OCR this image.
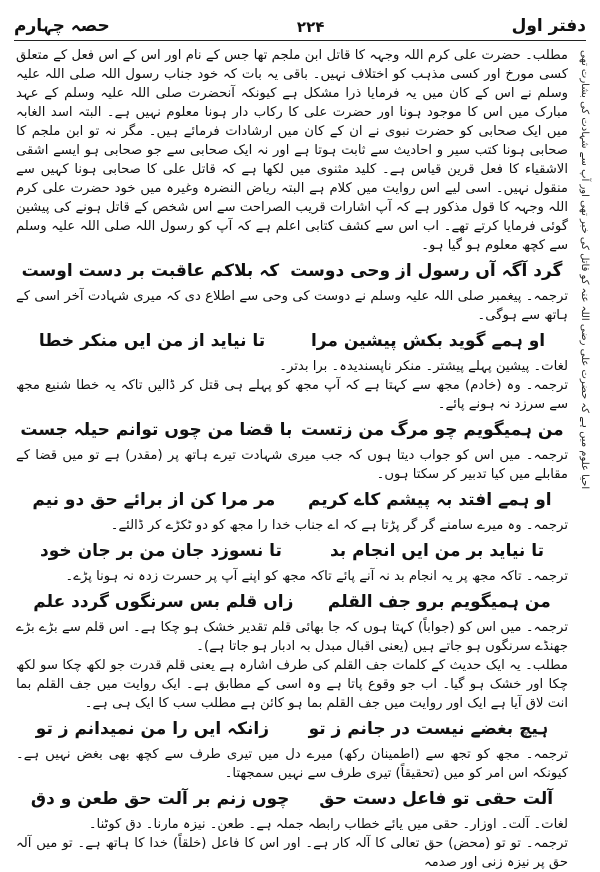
دفتر اول
۲۲۴
حصہ چہارم
احیا علوم میں ہے کہ حضرت علی رضی اللہ عنہ کو قاتل کی خبر تھی اور آپ سے شہادت کی بشارت تھی
مطلب۔ حضرت علی کرم اللہ وجہہ کا قاتل ابن ملجم تھا جس کے نام اور اس کے اس فعل کے متعلق کسی مورخ اور کسی مذہب کو اختلاف نہیں۔ باقی یہ بات کہ خود جناب رسول اللہ صلی اللہ علیہ وسلم نے اس کے کان میں یہ فرمایا ذرا مشکل ہے کیونکہ آنحضرت صلی اللہ علیہ وسلم کے عہد مبارک میں اس کا موجود ہونا اور حضرت علی کا رکاب دار ہونا معلوم نہیں ہے۔ البتہ اسد الغابہ میں ایک صحابی کو حضرت نبوی نے ان کے کان میں ارشادات فرمائے ہیں۔ مگر نہ تو ابن ملجم کا صحابی ہونا کتب سیر و احادیث سے ثابت ہوتا ہے اور نہ ایک صحابی سے جو صحابی ہو ایسے اشقی الاشقیاء کا فعل قرین قیاس ہے۔ کلید مثنوی میں لکھا ہے کہ قاتل علی کا صحابی ہونا کہیں سے منقول نہیں۔ اسی لیے اس روایت میں کلام ہے البتہ ریاض النضرہ وغیرہ میں خود حضرت علی کرم اللہ وجہہ کا قول مذکور ہے کہ آپ اشارات قریب الصراحت سے اس شخص کے قاتل ہونے کی پیشین گوئی فرمایا کرتے تھے۔ اب اس سے کشف کتابی اعلم ہے کہ آپ کو رسول اللہ صلی اللہ علیہ وسلم سے کچھ معلوم ہو گیا ہو۔
گرد آگہ آں رسول از وحی دوست
کہ بلاکم عاقبت بر دست اوست
ترجمہ۔ پیغمبر صلی اللہ علیہ وسلم نے دوست کی وحی سے اطلاع دی کہ میری شہادت آخر اسی کے ہاتھ سے ہوگی۔
او ہمے گوید بکش پیشین مرا
تا نیاید از من ایں منکر خطا
لغات۔ پیشین پہلے پیشتر۔ منکر ناپسندیدہ۔ برا بدتر۔
ترجمہ۔ وہ (خادم) مجھ سے کہتا ہے کہ آپ مجھ کو پہلے ہی قتل کر ڈالیں تاکہ یہ خطا شنیع مجھ سے سرزد نہ ہونے پائے۔
من ہمیگویم چو مرگ من زتست
با قضا من چوں توانم حیلہ جست
ترجمہ۔ میں اس کو جواب دیتا ہوں کہ جب میری شہادت تیرے ہاتھ پر (مقدر) ہے تو میں قضا کے مقابلے میں کیا تدبیر کر سکتا ہوں۔
او ہمے افتد بہ پیشم کاے کریم
مر مرا کن از برائے حق دو نیم
ترجمہ۔ وہ میرے سامنے گر گر پڑتا ہے کہ اے جناب خدا را مجھ کو دو ٹکڑے کر ڈالئے۔
تا نیاید بر من ایں انجام بد
تا نسوزد جان من بر جان خود
ترجمہ۔ تاکہ مجھ پر یہ انجام بد نہ آنے پائے تاکہ مجھ کو اپنے آپ پر حسرت زدہ نہ ہونا پڑے۔
من ہمیگویم برو جف القلم
زاں قلم بس سرنگوں گردد علم
ترجمہ۔ میں اس کو (جواباً) کہتا ہوں کہ جا بھائی قلم تقدیر خشک ہو چکا ہے۔ اس قلم سے بڑے بڑے جھنڈے سرنگوں ہو جاتے ہیں (یعنی اقبال مبدل بہ ادبار ہو جاتا ہے)۔
مطلب۔ یہ ایک حدیث کے کلمات جف القلم کی طرف اشارہ ہے یعنی قلم قدرت جو لکھ چکا سو لکھ چکا اور خشک ہو گیا۔ اب جو وقوع پاتا ہے وہ اسی کے مطابق ہے۔ ایک روایت میں جف القلم بما انت لاق آیا ہے ایک اور روایت میں جف القلم بما ہو کائن ہے مطلب سب کا ایک ہی ہے۔
ہیچ بغضے نیست در جانم ز تو
زانکہ ایں را من نمیدانم ز تو
ترجمہ۔ مجھ کو تجھ سے (اطمینان رکھ) میرے دل میں تیری طرف سے کچھ بھی بغض نہیں ہے۔ کیونکہ اس امر کو میں (تحقیقاً) تیری طرف سے نہیں سمجھتا۔
آلت حقی تو فاعل دست حق
چوں زنم بر آلت حق طعن و دق
لغات۔ آلت۔ اوزار۔ حقی میں یائے خطاب رابطہ جملہ ہے۔ طعن۔ نیزہ مارنا۔ دق کوٹنا۔
ترجمہ۔ تو تو (محض) حق تعالی کا آلہ کار ہے۔ اور اس کا فاعل (خلقاً) خدا کا ہاتھ ہے۔ تو میں آلہ حق پر نیزہ زنی اور صدمہ
